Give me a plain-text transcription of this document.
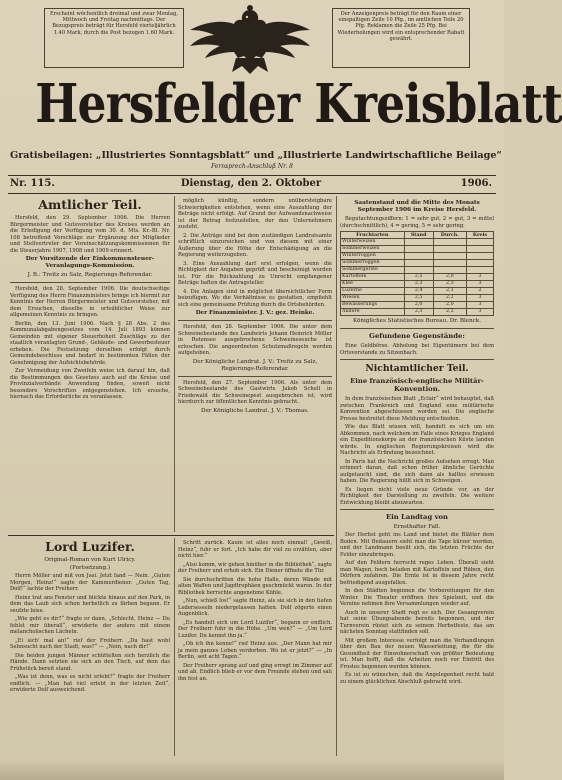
Erscheint wöchentlich dreimal und zwar Montag, Mittwoch und Freitag nachmittags. Der Bezugspreis beträgt für Hersfeld vierteljährlich 1.40 Mark, durch die Post bezogen 1.60 Mark.
Der Anzeigenpreis beträgt für den Raum einer einspaltigen Zeile 10 Pfg., im amtlichen Teile 20 Pfg. Reklamen die Zeile 25 Pfg. Bei Wiederholungen wird ein entsprechender Rabatt gewährt.
Hersfelder Kreisblatt
Gratisbeilagen: „Illustriertes Sonntagsblatt“ und „Illustrierte Landwirtschaftliche Beilage“
Fernsprech-Anschluß Nr. 8
Nr. 115.	Dienstag, den 2. Oktober	1906.
Amtlicher Teil.

Hersfeld, den 29. September 1906. Die Herren Bürgermeister und Gutsvorsteher des Kreises werden an die Erledigung der Verfügung vom 30. d. Mts. Kr.-Bl. Nr. 108 betreffend Vorschläge zur Ergänzung der Mitglieder und Stellvertreter der Voreinschätzungskommissionen für die Steuerjahre 1907, 1908 und 1909 erinnert.

Der Vorsitzende der Einkommensteuer-Veranlagungs-Kommission.
J. B.: Treitz zu Salz, Regierungs-Referendar.

Hersfeld, den 28. September 1906. Die deutschseitige Verfügung des Herrn Finanzministers bringe ich hiermit zur Kenntnis der Herren Bürgermeister und Gutsvorsteher, mit dem Ersuchen, dieselbe in ortsüblicher Weise zur allgemeinen Kenntnis zu bringen.

Berlin, den 13. Juni 1906. Nach § 28 Abs. 2 des Kommunalabgabengesetzes vom 14. Juli 1893 können Gemeinden mit eigener Steuerhoheit Zuschläge zu der staatlich veranlagten Grund-, Gebäude- und Gewerbesteuer erheben. Die Festsetzung derselben erfolgt durch Gemeindebeschluss und bedarf in bestimmten Fällen der Genehmigung der Aufsichtsbehörde.

Zur Vermeidung von Zweifeln weise ich darauf hin, daß die Bestimmungen des Gesetzes auch auf die Kreise und Provinzialverbände Anwendung finden, soweit nicht besondere Vorschriften entgegenstehen. Ich ersuche, hiernach das Erforderliche zu veranlassen.

möglich künftig, sondern unübersteigbare Schwierigkeiten entstehen, wenn eine Auszahlung der Beträge nicht erfolgt. Auf Grund der Aufwandsnachweise ist der Betrag festzustellen, der den Unternehmern zusteht.

2. Die Anträge sind bei dem zuständigen Landratsamte schriftlich einzureichen und von diesem mit einer Äußerung über die Höhe der Entschädigung an die Regierung weiterzugeben.

3. Eine Auszahlung darf erst erfolgen, wenn die Richtigkeit der Angaben geprüft und bescheinigt worden ist. Für die Rückzahlung zu Unrecht empfangener Beträge haften die Antragsteller.

4. Die Anlagen sind in möglichst übersichtlicher Form beizufügen. Wo die Verhältnisse es gestatten, empfiehlt sich eine gemeinsame Prüfung durch die Ortsbehörden.

Der Finanzminister. J. V.: gez. Heinke.

Hersfeld, den 28. September 1906. Die unter dem Schweinebestande des Landwirts Johann Heinrich Möller in Rotensee ausgebrochene Schweineseuche ist erloschen. Die angeordneten Schutzmaßregeln werden aufgehoben.

Der Königliche Landrat. J. V.: Treitz zu Salz, Regierungs-Referendar.

Hersfeld, den 27. September 1906. Als unter dem Schweinebestande des Gastwirts Jakob Schell in Friedewald die Schweinepest ausgebrochen ist, wird hierdurch zur öffentlichen Kenntnis gebracht.

Der Königliche Landrat. J. V.: Thomas.
Saatenstand und die Mitte des Monats September 1906 im Kreise Hersfeld.

Begutachtungsziffern: 1 = sehr gut, 2 = gut, 3 = mittel (durchschnittlich), 4 = gering, 5 = sehr gering.

Fruchtarten	Stand	Durch.	Kreis
Winterweizen			
Sommerweizen			
Winterroggen			
Sommerroggen			
Sommergerste			
Kartoffeln	2,5	2,0	3
Klee	2,3	2,3	3
Luzerne	2,4	2,1	2
Wiesen	2,5	2,2	3
Bewässerungs	2,0	2,0	3
Andere	2,3	2,2	3
Königliches Statistisches Bureau. Dr. Blenck.
Gefundene Gegenstände:

Eine Geldbörse. Abholung bei Eigentümern bei dem Ortsvorstande zu Sitzenbach.

Nichtamtlicher Teil.
Eine französisch-englische Militär-Konvention.

In dem französischen Blatt „Eclair“ wird behauptet, daß zwischen Frankreich und England eine militärische Konvention abgeschlossen worden sei. Die englische Presse bestreitet diese Meldung entschieden.

Wie das Blatt wissen will, handelt es sich um ein Abkommen, nach welchem im Falle eines Krieges England ein Expeditionskorps an der französischen Küste landen würde. In englischen Regierungskreisen wird die Nachricht als Erfindung bezeichnet.

In Paris hat die Nachricht großes Aufsehen erregt. Man erinnert daran, daß schon früher ähnliche Gerüchte aufgetaucht sind, die sich dann als haltlos erwiesen haben. Die Regierung hüllt sich in Schweigen.

Es liegen nicht viele neue Gründe vor, an der Richtigkeit der Darstellung zu zweifeln. Die weitere Entwicklung bleibt abzuwarten.

Ein Landtag von
Ernsthafter Fall.

Der Herbst geht ins Land und bietet die Blätter dem Boden. Mit Bedauern sieht man die Tage kürzer werden, und der Landmann beeilt sich, die letzten Früchte der Felder einzubringen.

Auf den Feldern herrscht reges Leben. Überall sieht man Wagen, hoch beladen mit Kartoffeln und Rüben, den Dörfern zufahren. Die Ernte ist in diesem Jahre recht befriedigend ausgefallen.

In den Städten beginnen die Vorbereitungen für den Winter. Die Theater eröffnen ihre Spielzeit, und die Vereine nehmen ihre Versammlungen wieder auf.

Auch in unserer Stadt regt es sich. Der Gesangverein hat seine Übungsabende bereits begonnen, und der Turnverein rüstet sich zu seinem Herbstfeste, das am nächsten Sonntag stattfinden soll.

Mit großem Interesse verfolgt man die Verhandlungen über den Bau der neuen Wasserleitung, die für die Gesundheit der Einwohnerschaft von größter Bedeutung ist. Man hofft, daß die Arbeiten noch vor Eintritt des Frostes begonnen werden können.

Es ist zu wünschen, daß die Angelegenheit recht bald zu einem glücklichen Abschluß gebracht wird.

Lord Luzifer.
Original-Roman von Kurt Ulricy.
(Fortsetzung.)

Herrn Möller und mit von Jasi. Jetzt fand — Nein. „Guten Morgen, Heinz!“ sagte der Kammerdiener. „Guten Tag, Dolf!“ lachte der Freiherr.

Heinz trat ans Fenster und blickte hinaus auf den Park, in dem das Laub sich schon herbstlich zu färben begann. Er seufzte leise.

„Wie geht es dir?“ fragte er dann. „Schlecht, Heinz — Du fehlst mir überall“, erwiderte der andere mit einem melancholischen Lächeln.

„Ei sich' mal an!“ rief der Freiherr. „Du hast wohl Sehnsucht nach der Stadt, was?“ — „Nein, nach dir!“

Die beiden jungen Männer schüttelten sich herzlich die Hände. Dann setzten sie sich an den Tisch, auf dem das Frühstück bereit stand.

„Was ist denn, was es nicht erlebt?“ fragte der Freiherr endlich. — „Man hat viel erlebt in der letzten Zeit“, erwiderte Dolf ausweichend.

Schritt zurück. Kaum ist alles noch einmal! „Gewiß, Heinz“, fuhr er fort. „Ich habe dir viel zu erzählen, aber nicht hier.“

„Also komm, wir gehen hinüber in die Bibliothek“, sagte der Freiherr und erhob sich. Ein Diener öffnete die Tür.

Sie durchschritten die hohe Halle, deren Wände mit alten Waffen und Jagdtrophäen geschmückt waren. In der Bibliothek herrschte angenehme Kühle.

„Nun, schieß los!“ sagte Heinz, als sie sich in den tiefen Ledersesseln niedergelassen hatten. Dolf zögerte einen Augenblick.

„Es handelt sich um Lord Luzifer“, begann er endlich. Der Freiherr fuhr in die Höhe. „Um wen?“ — „Um Lord Luzifer. Du kennst ihn ja.“

„Ob ich ihn kenne!“ rief Heinz aus. „Der Mann hat mir ja mein ganzes Leben verdorben. Wo ist er jetzt?“ — „In Berlin, seit acht Tagen.“

Der Freiherr sprang auf und ging erregt im Zimmer auf und ab. Endlich blieb er vor dem Freunde stehen und sah ihn fest an.
